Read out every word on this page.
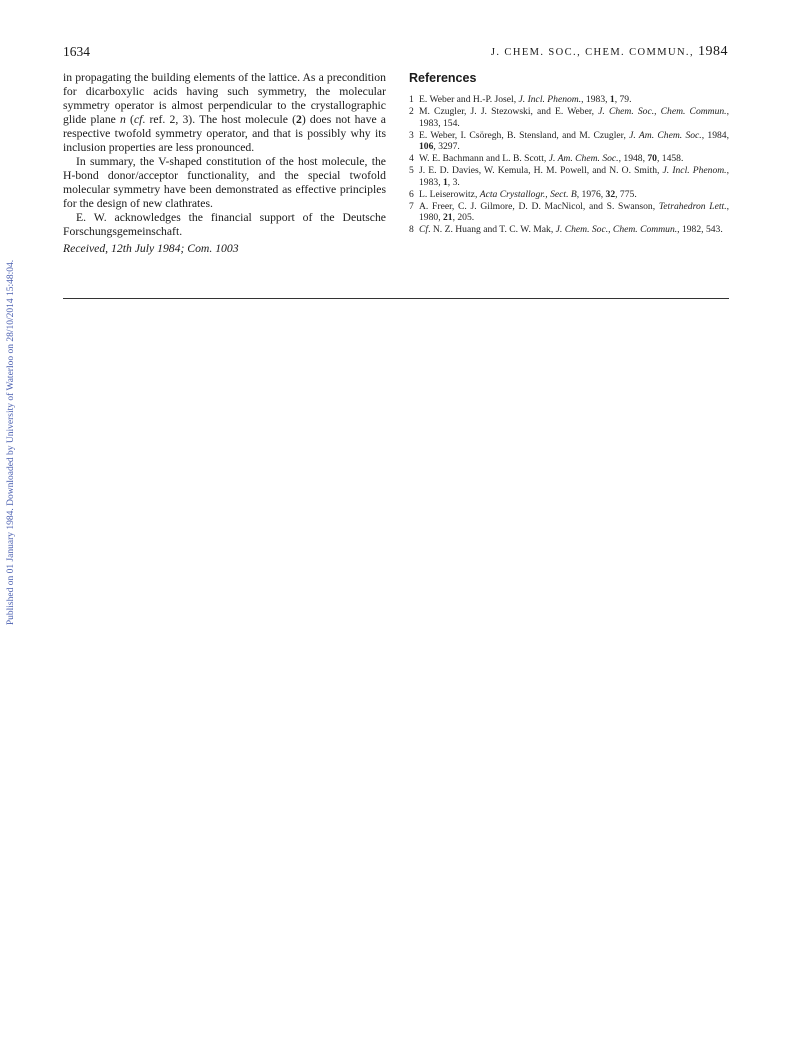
1634	J. CHEM. SOC., CHEM. COMMUN., 1984
Published on 01 January 1984. Downloaded by University of Waterloo on 28/10/2014 15:48:04.

in propagating the building elements of the lattice. As a precondition for dicarboxylic acids having such symmetry, the molecular symmetry operator is almost perpendicular to the crystallographic glide plane n (cf. ref. 2, 3). The host molecule (2) does not have a respective twofold symmetry operator, and that is possibly why its inclusion properties are less pronounced.

In summary, the V-shaped constitution of the host molecule, the H-bond donor/acceptor functionality, and the special twofold molecular symmetry have been demonstrated as effective principles for the design of new clathrates.

E. W. acknowledges the financial support of the Deutsche Forschungsgemeinschaft.

Received, 12th July 1984; Com. 1003

References
1 E. Weber and H.-P. Josel, J. Incl. Phenom., 1983, 1, 79.
2 M. Czugler, J. J. Stezowski, and E. Weber, J. Chem. Soc., Chem. Commun., 1983, 154.
3 E. Weber, I. Csöregh, B. Stensland, and M. Czugler, J. Am. Chem. Soc., 1984, 106, 3297.
4 W. E. Bachmann and L. B. Scott, J. Am. Chem. Soc., 1948, 70, 1458.
5 J. E. D. Davies, W. Kemula, H. M. Powell, and N. O. Smith, J. Incl. Phenom., 1983, 1, 3.
6 L. Leiserowitz, Acta Crystallogr., Sect. B, 1976, 32, 775.
7 A. Freer, C. J. Gilmore, D. D. MacNicol, and S. Swanson, Tetrahedron Lett., 1980, 21, 205.
8 Cf. N. Z. Huang and T. C. W. Mak, J. Chem. Soc., Chem. Commun., 1982, 543.
